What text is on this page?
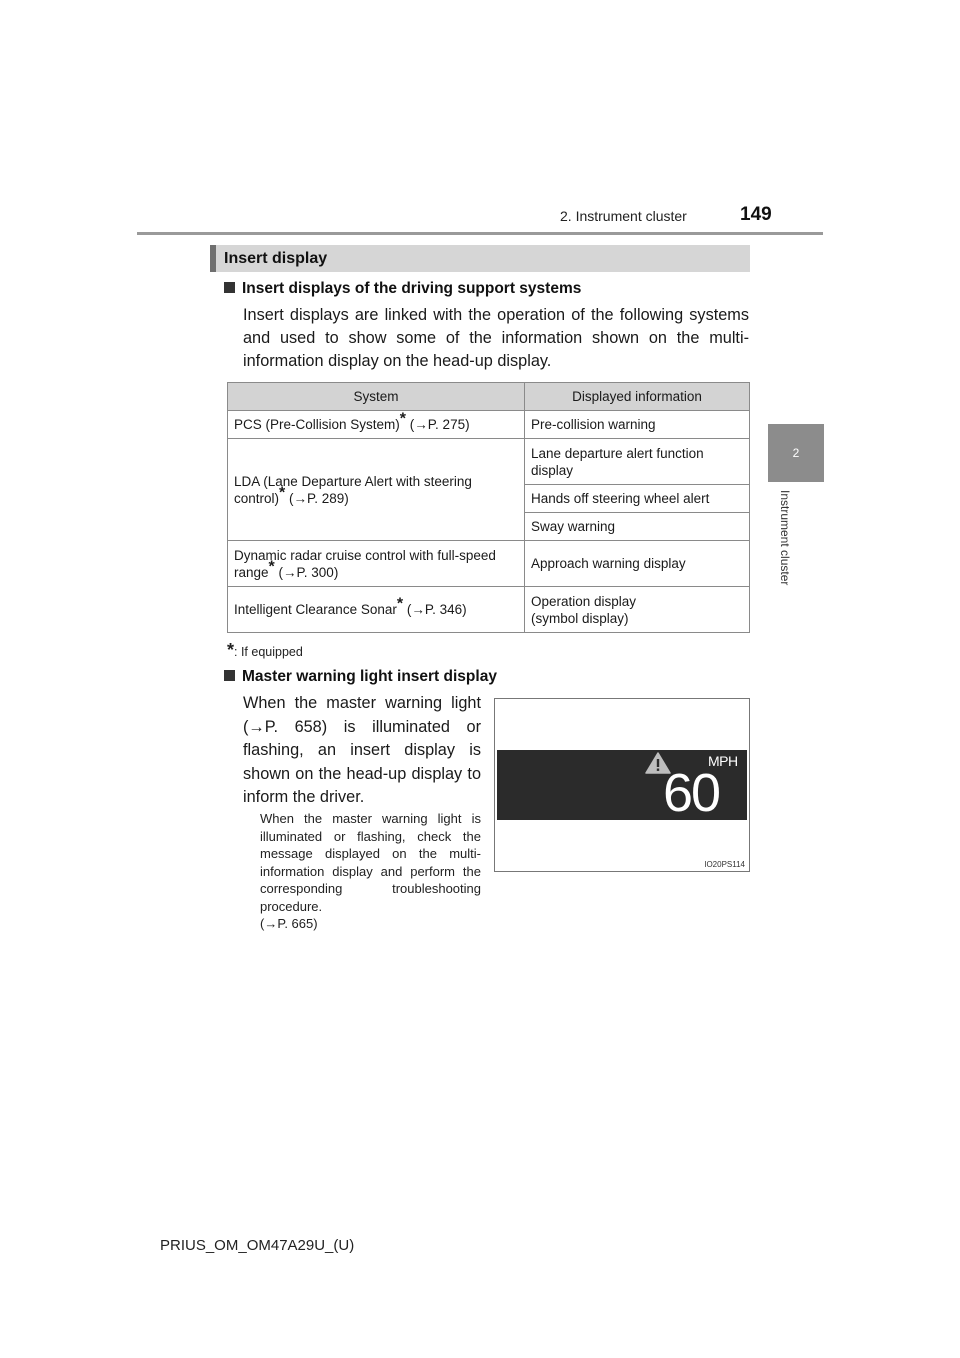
2. Instrument cluster	149
2
Instrument cluster
Insert display
Insert displays of the driving support systems
Insert displays are linked with the operation of the following systems and used to show some of the information shown on the multi-information display on the head-up display.
System	Displayed information
PCS (Pre-Collision System)* (→P. 275)	Pre-collision warning
LDA (Lane Departure Alert with steering control)* (→P. 289)	Lane departure alert function display
	Hands off steering wheel alert
	Sway warning
Dynamic radar cruise control with full-speed range* (→P. 300)	Approach warning display
Intelligent Clearance Sonar* (→P. 346)	Operation display
(symbol display)
*: If equipped
Master warning light insert display
When the master warning light (→P. 658) is illuminated or flashing, an insert display is shown on the head-up display to inform the driver.
When the master warning light is illuminated or flashing, check the message displayed on the multi-information display and perform the corresponding troubleshooting procedure.
(→P. 665)
MPH
60
IO20PS114
PRIUS_OM_OM47A29U_(U)
